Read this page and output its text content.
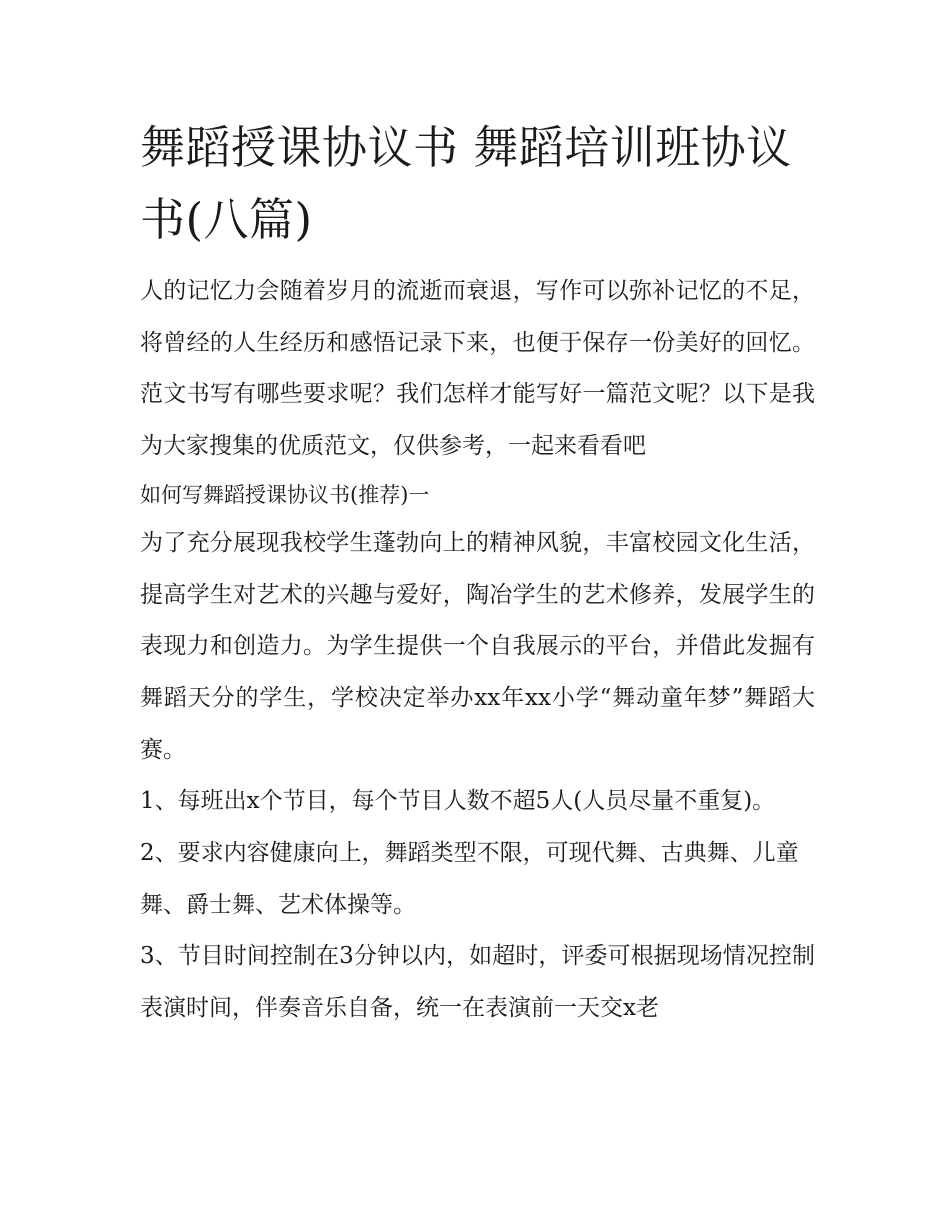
舞蹈授课协议书 舞蹈培训班协议书(八篇)

人的记忆力会随着岁月的流逝而衰退，写作可以弥补记忆的不足，将曾经的人生经历和感悟记录下来，也便于保存一份美好的回忆。范文书写有哪些要求呢？我们怎样才能写好一篇范文呢？以下是我为大家搜集的优质范文，仅供参考，一起来看看吧

如何写舞蹈授课协议书(推荐)一

为了充分展现我校学生蓬勃向上的精神风貌，丰富校园文化生活，提高学生对艺术的兴趣与爱好，陶冶学生的艺术修养，发展学生的表现力和创造力。为学生提供一个自我展示的平台，并借此发掘有舞蹈天分的学生，学校决定举办xx年xx小学“舞动童年梦”舞蹈大赛。

1、每班出x个节目，每个节目人数不超5人(人员尽量不重复)。 2、要求内容健康向上，舞蹈类型不限，可现代舞、古典舞、儿童舞、爵士舞、艺术体操等。

3、节目时间控制在3分钟以内，如超时，评委可根据现场情况控制表演时间，伴奏音乐自备，统一在表演前一天交x老
